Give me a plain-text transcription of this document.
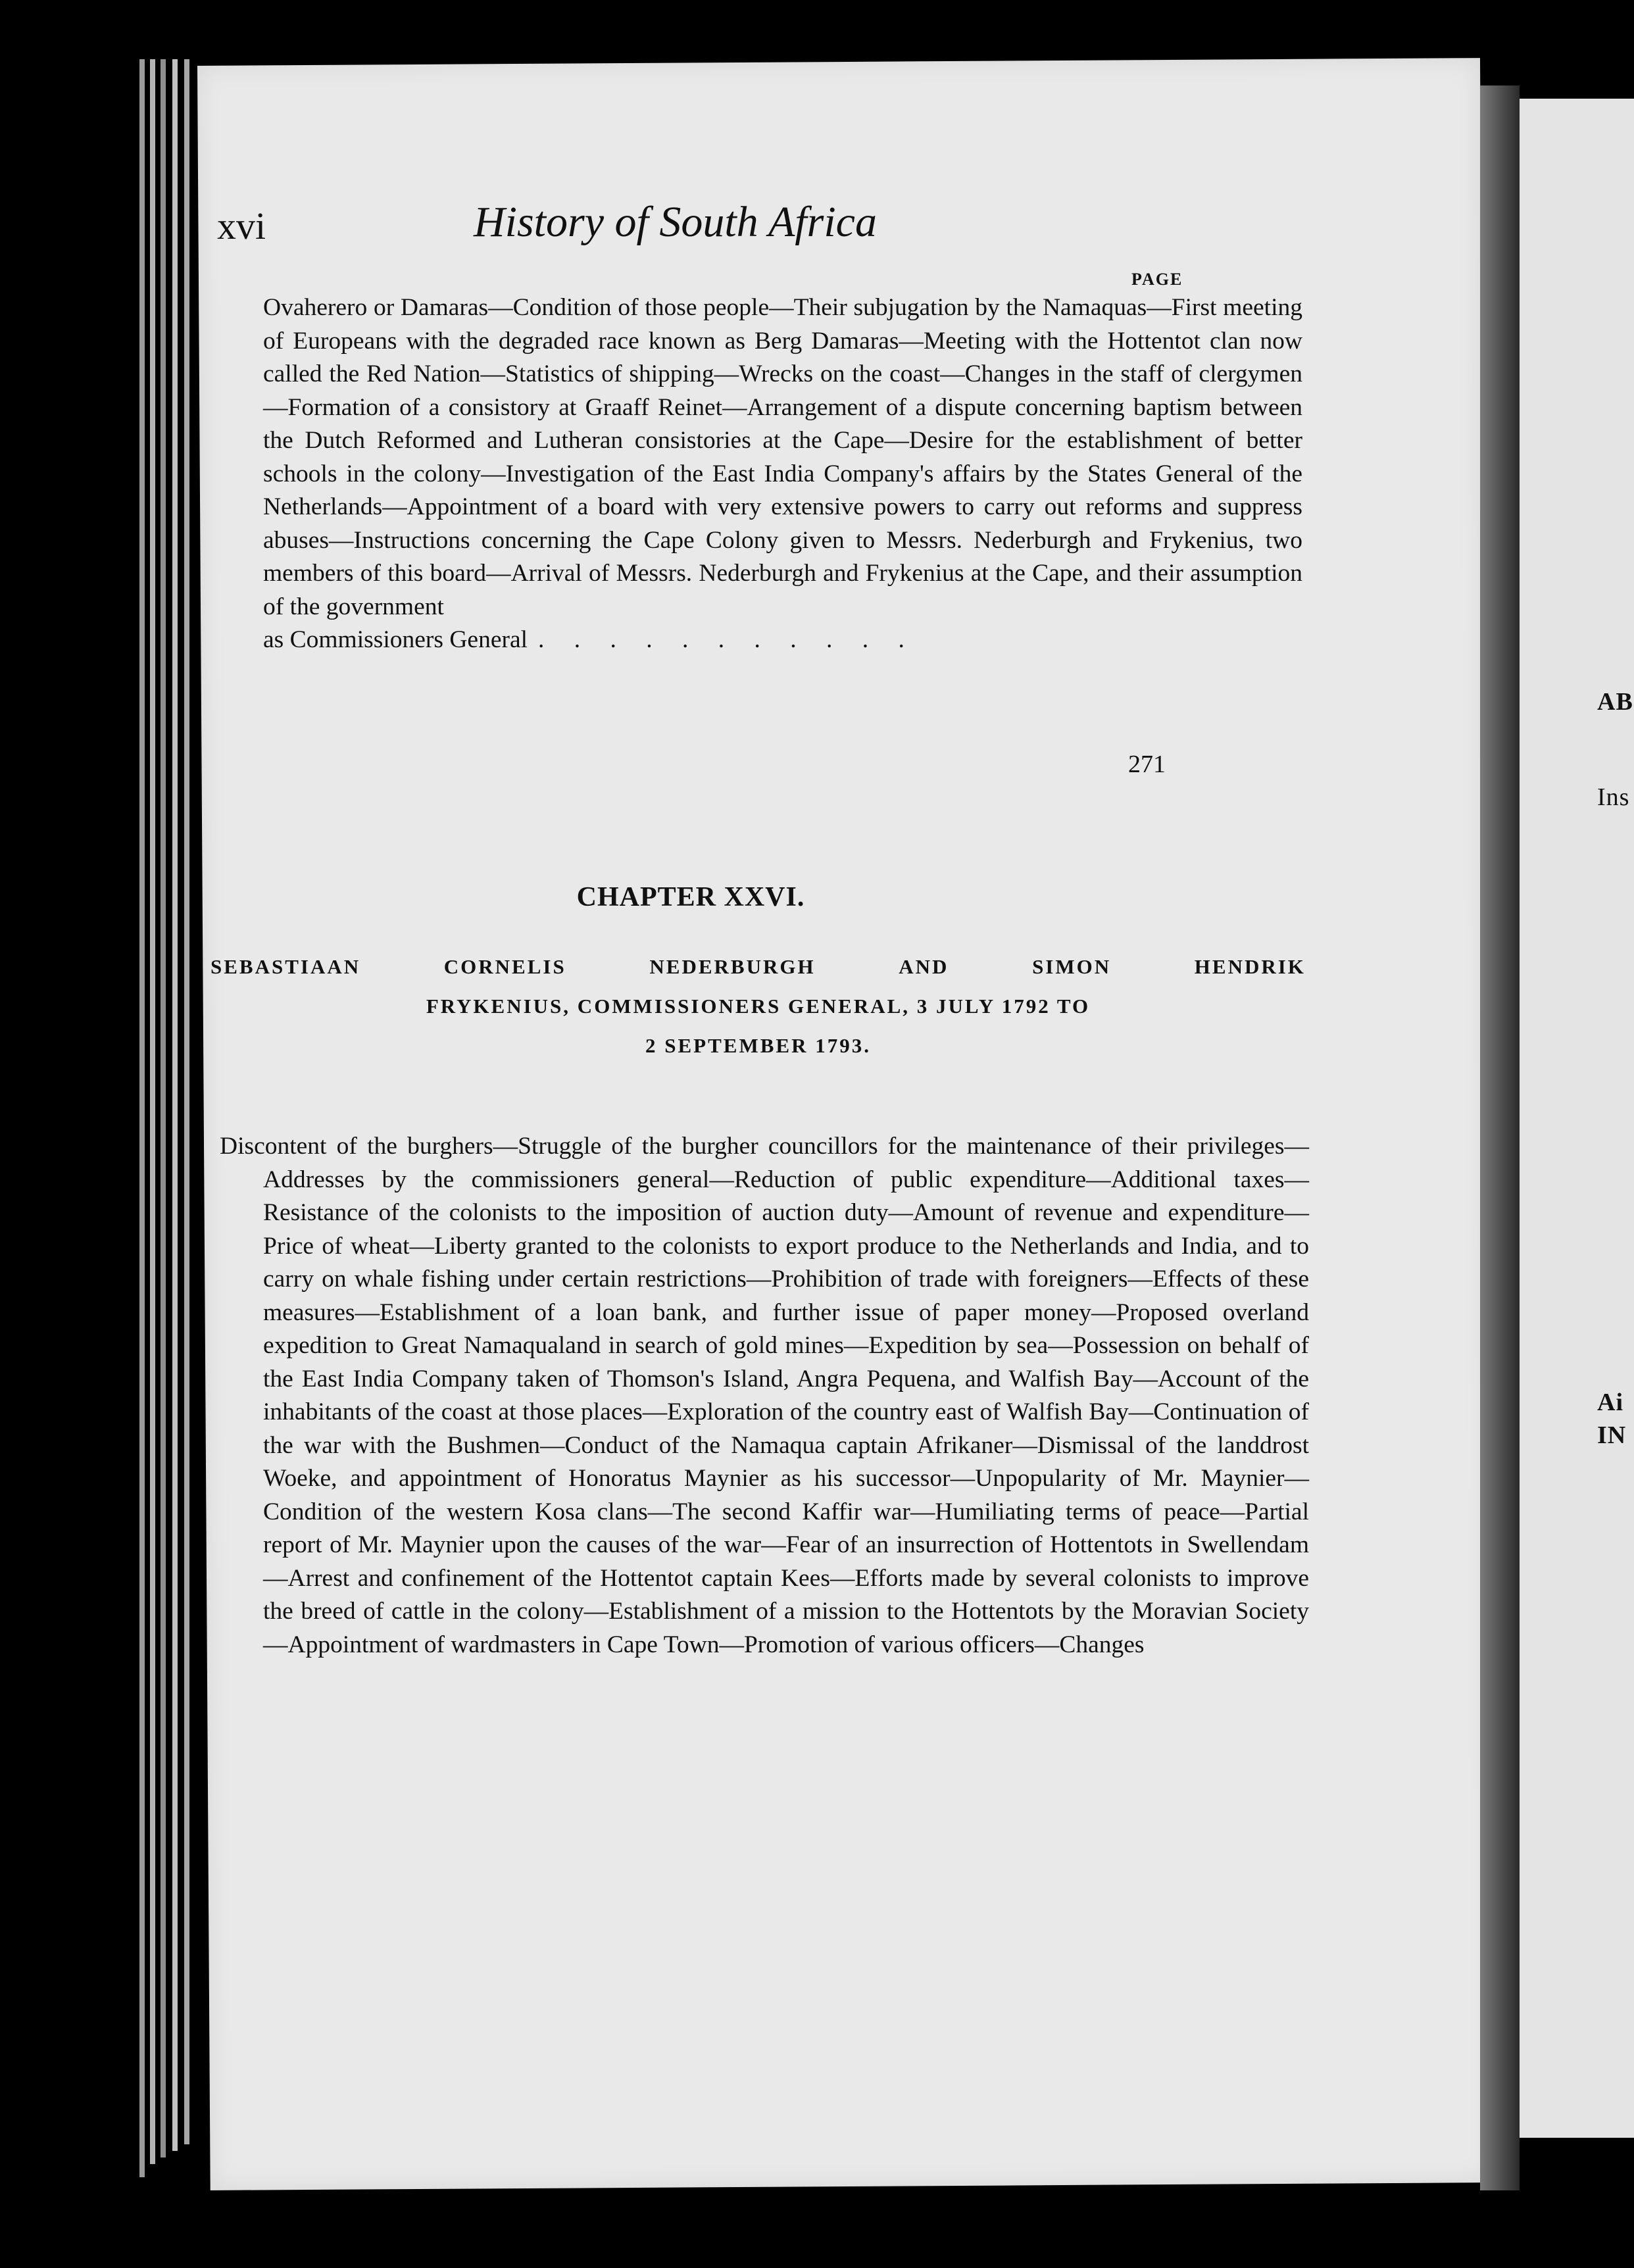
AB
Ins
Ai
IN
xvi	History of South Africa
PAGE
Ovaherero or Damaras—Condition of those people—Their subjugation by the Namaquas—First meeting of Europeans with the degraded race known as Berg Damaras—Meeting with the Hottentot clan now called the Red Nation—Statistics of shipping—Wrecks on the coast—Changes in the staff of clergymen—Formation of a consistory at Graaff Reinet—Arrangement of a dispute concerning baptism between the Dutch Reformed and Lutheran consistories at the Cape—Desire for the establishment of better schools in the colony—Investigation of the East India Company's affairs by the States General of the Netherlands—Appointment of a board with very extensive powers to carry out reforms and suppress abuses—Instructions concerning the Cape Colony given to Messrs. Nederburgh and Frykenius, two members of this board—Arrival of Messrs. Nederburgh and Frykenius at the Cape, and their assumption of the government
as Commissioners General . . . . . . . . . . .
271
CHAPTER XXVI.
SEBASTIAAN	CORNELIS	NEDERBURGH	AND	SIMON	HENDRIK
FRYKENIUS, COMMISSIONERS GENERAL, 3 JULY 1792 TO
2 SEPTEMBER 1793.
Discontent of the burghers—Struggle of the burgher councillors for the maintenance of their privileges—Addresses by the commissioners general—Reduction of public expenditure—Additional taxes—Resistance of the colonists to the imposition of auction duty—Amount of revenue and expenditure—Price of wheat—Liberty granted to the colonists to export produce to the Netherlands and India, and to carry on whale fishing under certain restrictions—Prohibition of trade with foreigners—Effects of these measures—Establishment of a loan bank, and further issue of paper money—Proposed overland expedition to Great Namaqualand in search of gold mines—Expedition by sea—Possession on behalf of the East India Company taken of Thomson's Island, Angra Pequena, and Walfish Bay—Account of the inhabitants of the coast at those places—Exploration of the country east of Walfish Bay—Continuation of the war with the Bushmen—Conduct of the Namaqua captain Afrikaner—Dismissal of the landdrost Woeke, and appointment of Honoratus Maynier as his successor—Unpopularity of Mr. Maynier—Condition of the western Kosa clans—The second Kaffir war—Humiliating terms of peace—Partial report of Mr. Maynier upon the causes of the war—Fear of an insurrection of Hottentots in Swellendam—Arrest and confinement of the Hottentot captain Kees—Efforts made by several colonists to improve the breed of cattle in the colony—Establishment of a mission to the Hottentots by the Moravian Society—Appointment of wardmasters in Cape Town—Promotion of various officers—Changes
